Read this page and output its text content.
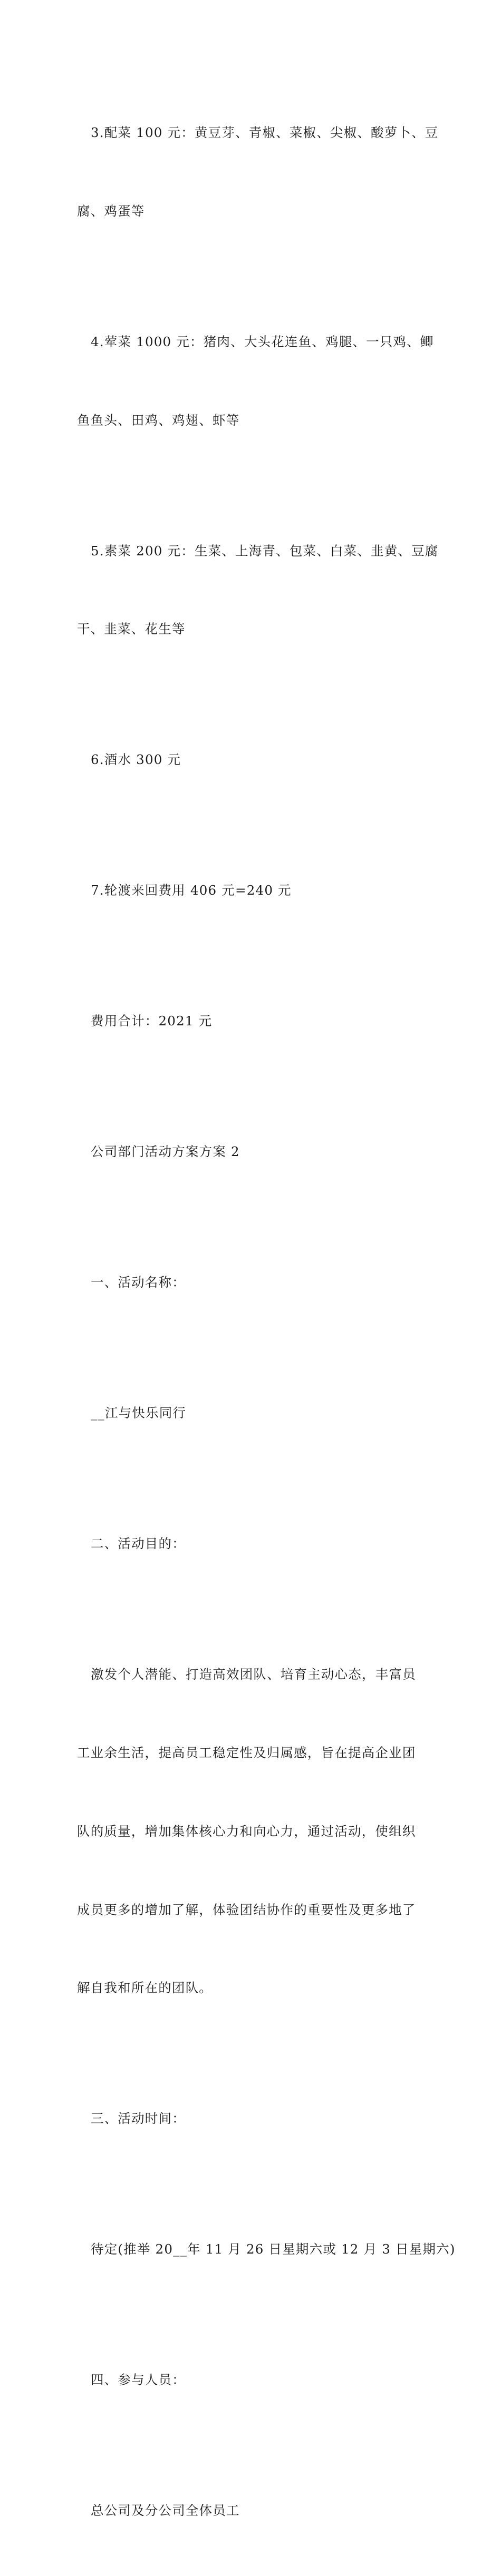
3.配菜 100 元：黄豆芽、青椒、菜椒、尖椒、酸萝卜、豆

腐、鸡蛋等

4.荤菜 1000 元：猪肉、大头花连鱼、鸡腿、一只鸡、鲫

鱼鱼头、田鸡、鸡翅、虾等

5.素菜 200 元：生菜、上海青、包菜、白菜、韭黄、豆腐

干、韭菜、花生等

6.酒水 300 元

7.轮渡来回费用 406 元=240 元

费用合计：2021 元

公司部门活动方案方案 2

一、活动名称：

__江与快乐同行

二、活动目的：

激发个人潜能、打造高效团队、培育主动心态，丰富员

工业余生活，提高员工稳定性及归属感，旨在提高企业团

队的质量，增加集体核心力和向心力，通过活动，使组织

成员更多的增加了解，体验团结协作的重要性及更多地了

解自我和所在的团队。

三、活动时间：

待定(推举 20__年 11 月 26 日星期六或 12 月 3 日星期六)

四、参与人员：

总公司及分公司全体员工
